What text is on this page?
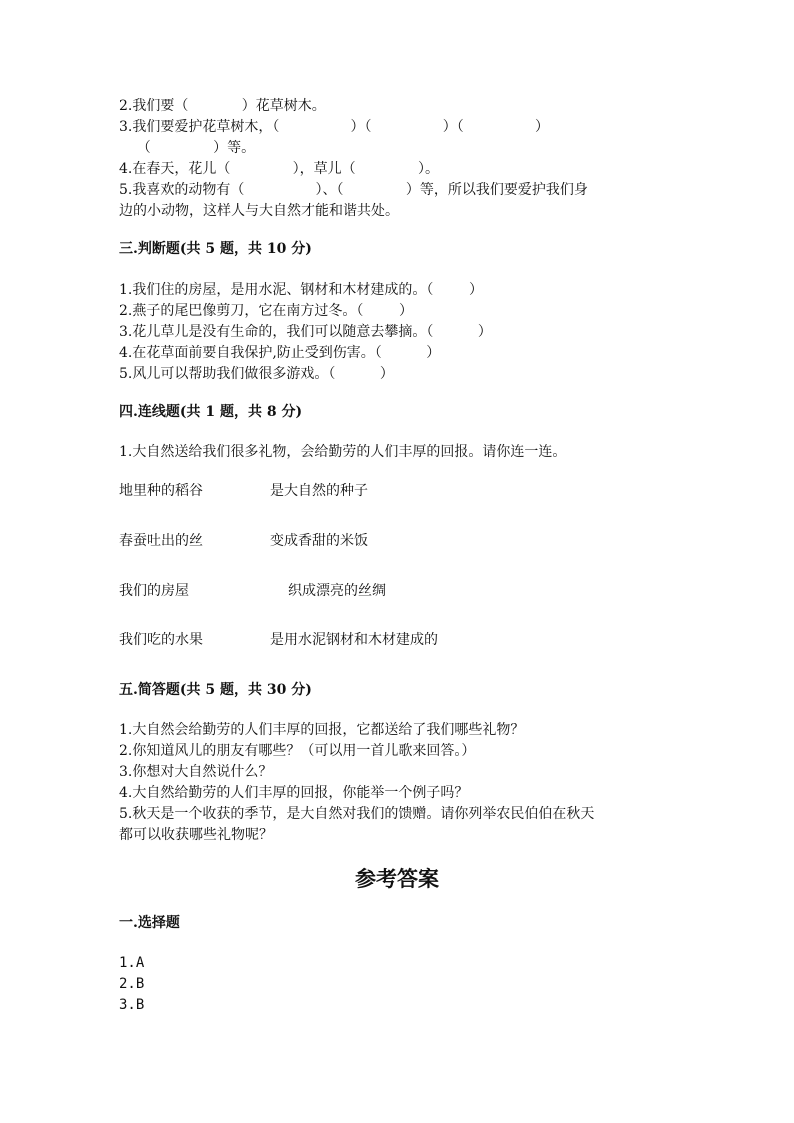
2.我们要（            ）花草树木。
3.我们要爱护花草树木，（                ）（                ）（                ）
（              ）等。
4.在春天，花儿（              ），草儿（              ）。
5.我喜欢的动物有（                ）、（              ）等，所以我们要爱护我们身
边的小动物，这样人与大自然才能和谐共处。
三.判断题(共 5 题，共 10 分)
1.我们住的房屋，是用水泥、钢材和木材建成的。（        ）
2.燕子的尾巴像剪刀，它在南方过冬。（        ）
3.花儿草儿是没有生命的，我们可以随意去攀摘。（          ）
4.在花草面前要自我保护,防止受到伤害。（          ）
5.风儿可以帮助我们做很多游戏。（          ）
四.连线题(共 1 题，共 8 分)
1.大自然送给我们很多礼物，会给勤劳的人们丰厚的回报。请你连一连。
地里种的稻谷	是大自然的种子
春蚕吐出的丝	变成香甜的米饭
我们的房屋	织成漂亮的丝绸
我们吃的水果	是用水泥钢材和木材建成的
五.简答题(共 5 题，共 30 分)
1.大自然会给勤劳的人们丰厚的回报，它都送给了我们哪些礼物？
2.你知道风儿的朋友有哪些？（可以用一首儿歌来回答。）
3.你想对大自然说什么？
4.大自然给勤劳的人们丰厚的回报，你能举一个例子吗？
5.秋天是一个收获的季节，是大自然对我们的馈赠。请你列举农民伯伯在秋天
都可以收获哪些礼物呢？
参考答案
一.选择题
1.A
2.B
3.B
